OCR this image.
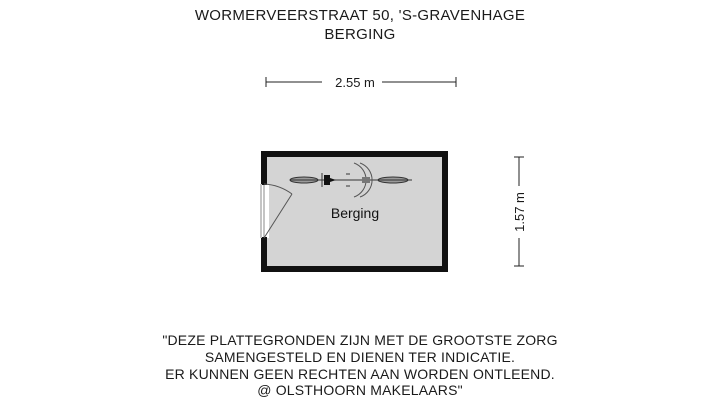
WORMERVEERSTRAAT 50, 'S-GRAVENHAGE
BERGING
2.55 m
1.57 m
Berging
"DEZE PLATTEGRONDEN ZIJN MET DE GROOTSTE ZORG
SAMENGESTELD EN DIENEN TER INDICATIE.
ER KUNNEN GEEN RECHTEN AAN WORDEN ONTLEEND.
@ OLSTHOORN MAKELAARS"
